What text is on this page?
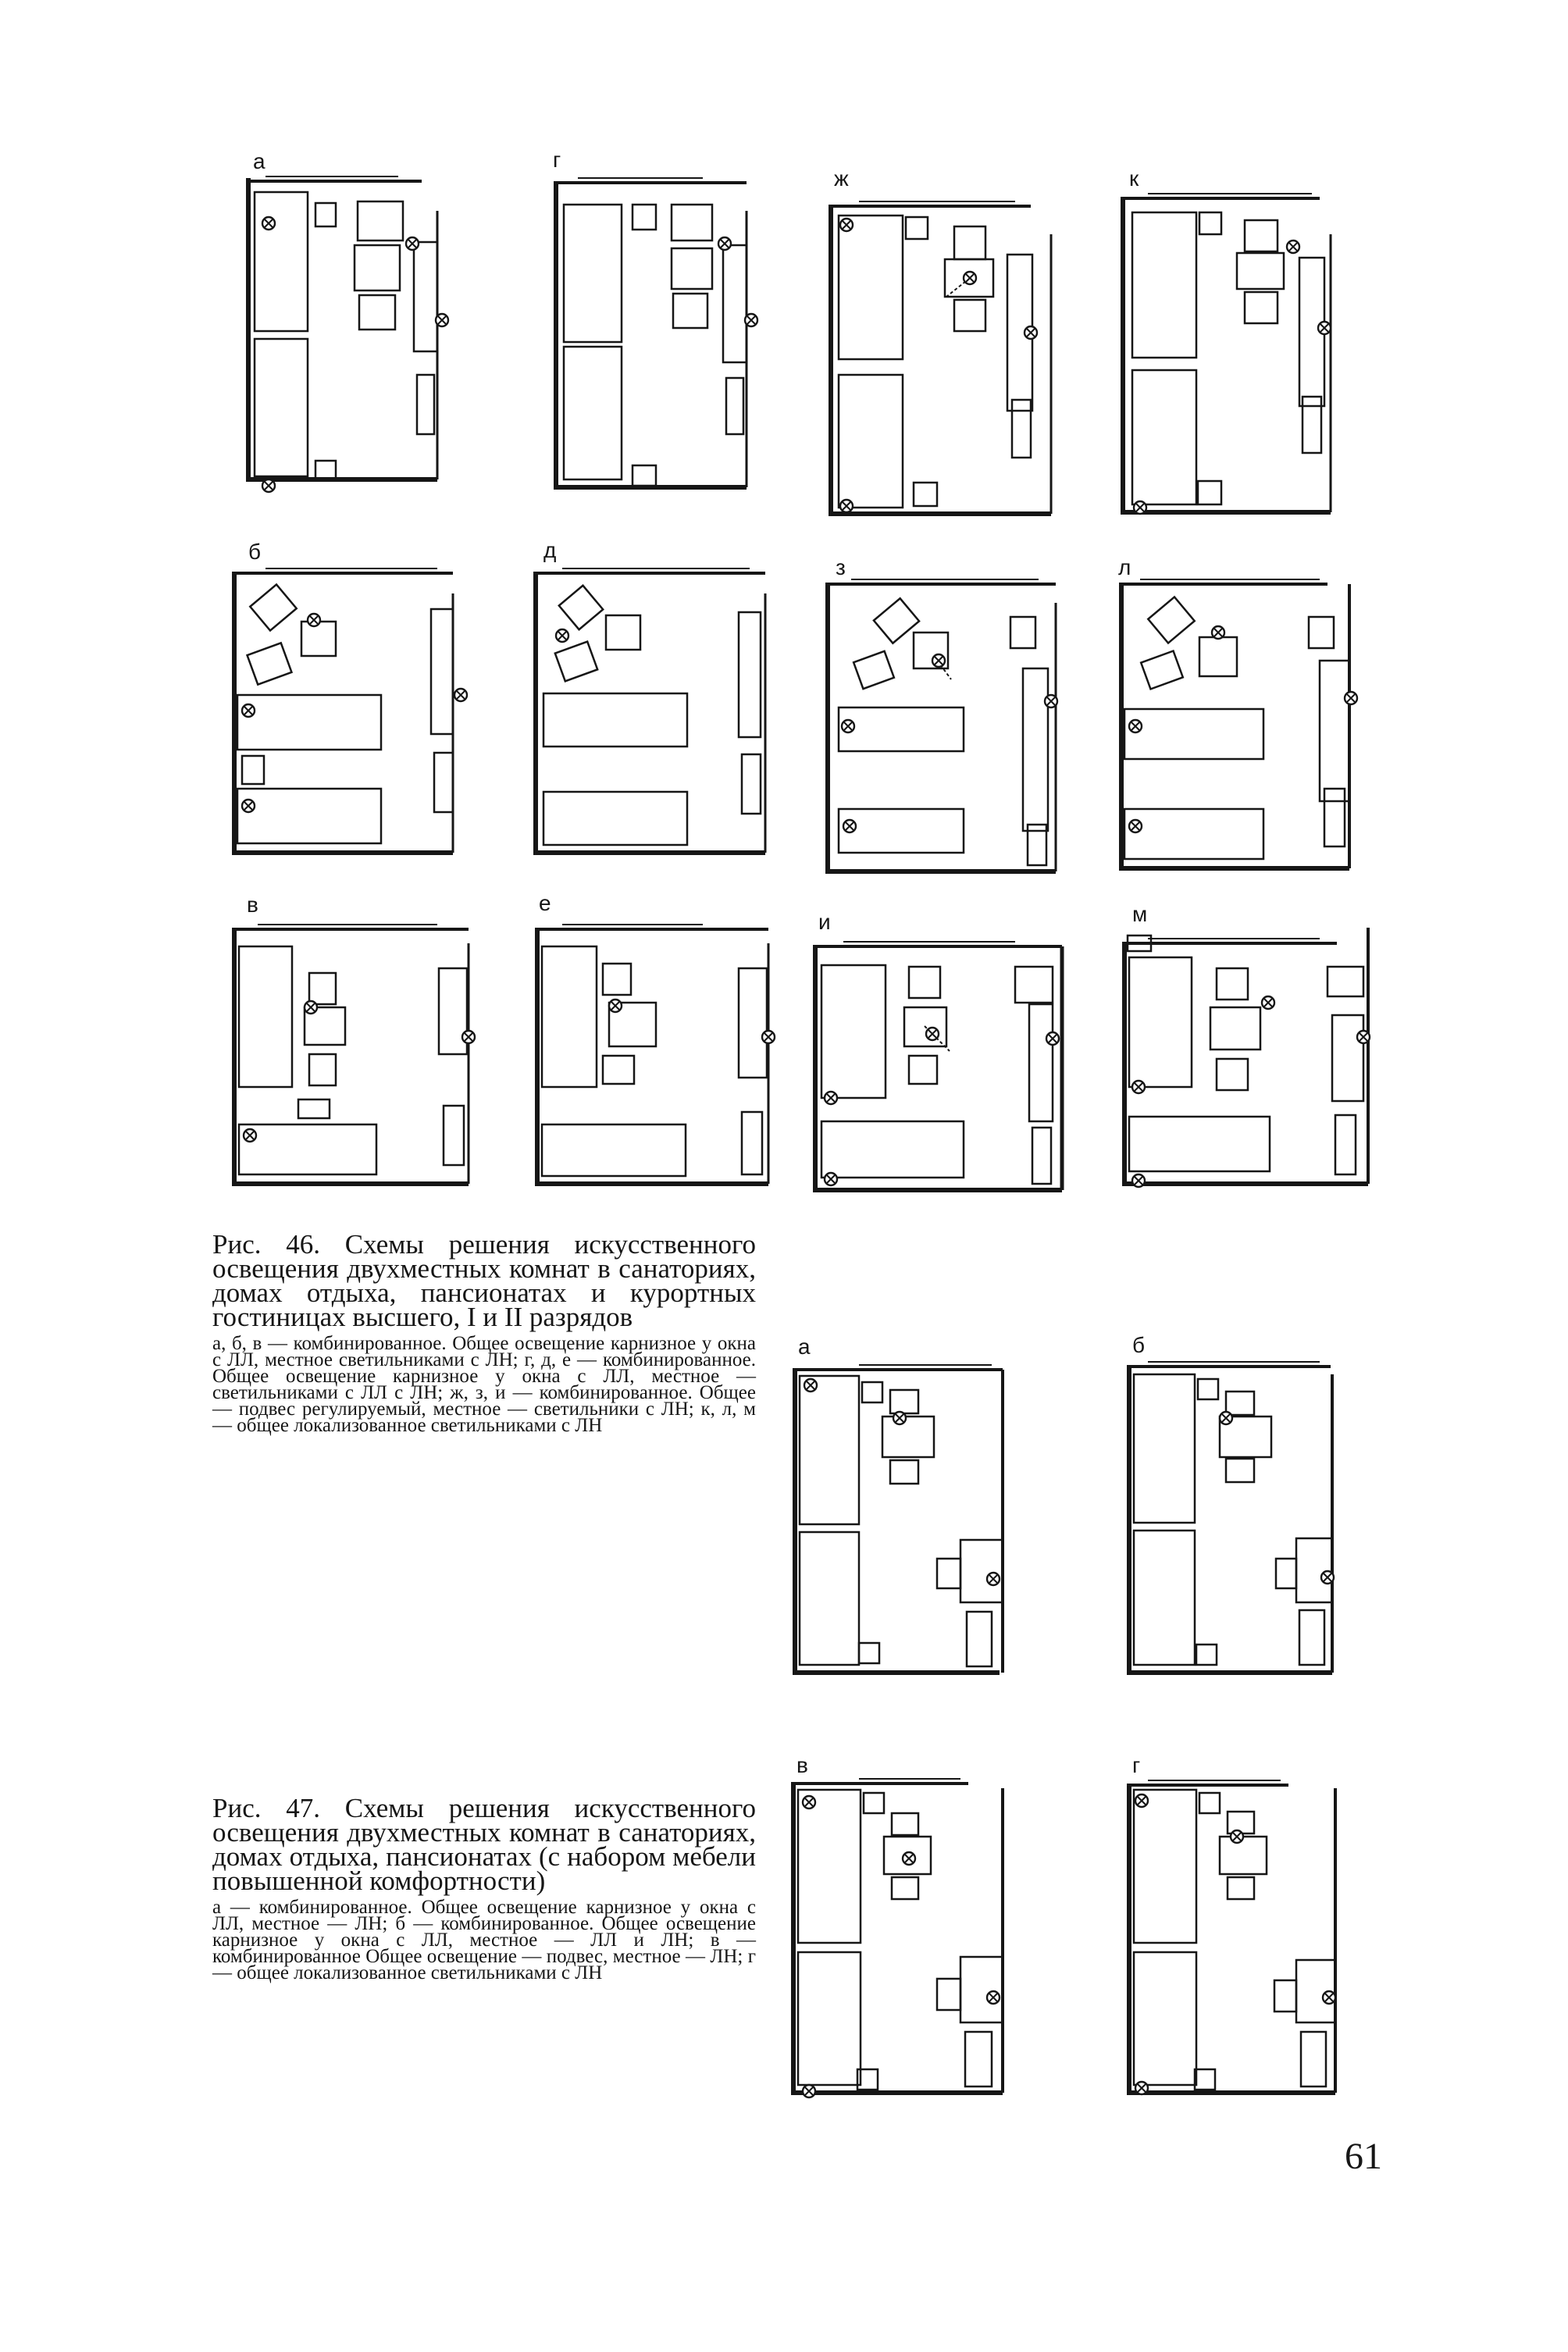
а
б
в
г
д
е
ж
з
и
к
л
м
а	б
в	г

Рис. 46. Схемы решения искусственного освещения двухместных комнат в санаториях, домах отдыха, пансионатах и курортных гостиницах высшего, I и II разрядов

а, б, в — комбинированное. Общее освещение карнизное у окна с ЛЛ, местное светильниками с ЛН; г, д, е — комбинированное. Общее освещение карнизное у окна с ЛЛ, местное — светильниками с ЛЛ с ЛН; ж, з, и — комбинированное. Общее — подвес регулируемый, местное — светильники с ЛН; к, л, м — общее локализованное светильниками с ЛН

Рис. 47. Схемы решения искусственного освещения двухместных комнат в санаториях, домах отдыха, пансионатах (с набором мебели повышенной комфортности)

а — комбинированное. Общее освещение карнизное у окна с ЛЛ, местное — ЛН; б — комбинированное. Общее освещение карнизное у окна с ЛЛ, местное — ЛЛ и ЛН; в — комбинированное Общее освещение — подвес, местное — ЛН; г — общее локализованное светильниками с ЛН

61
